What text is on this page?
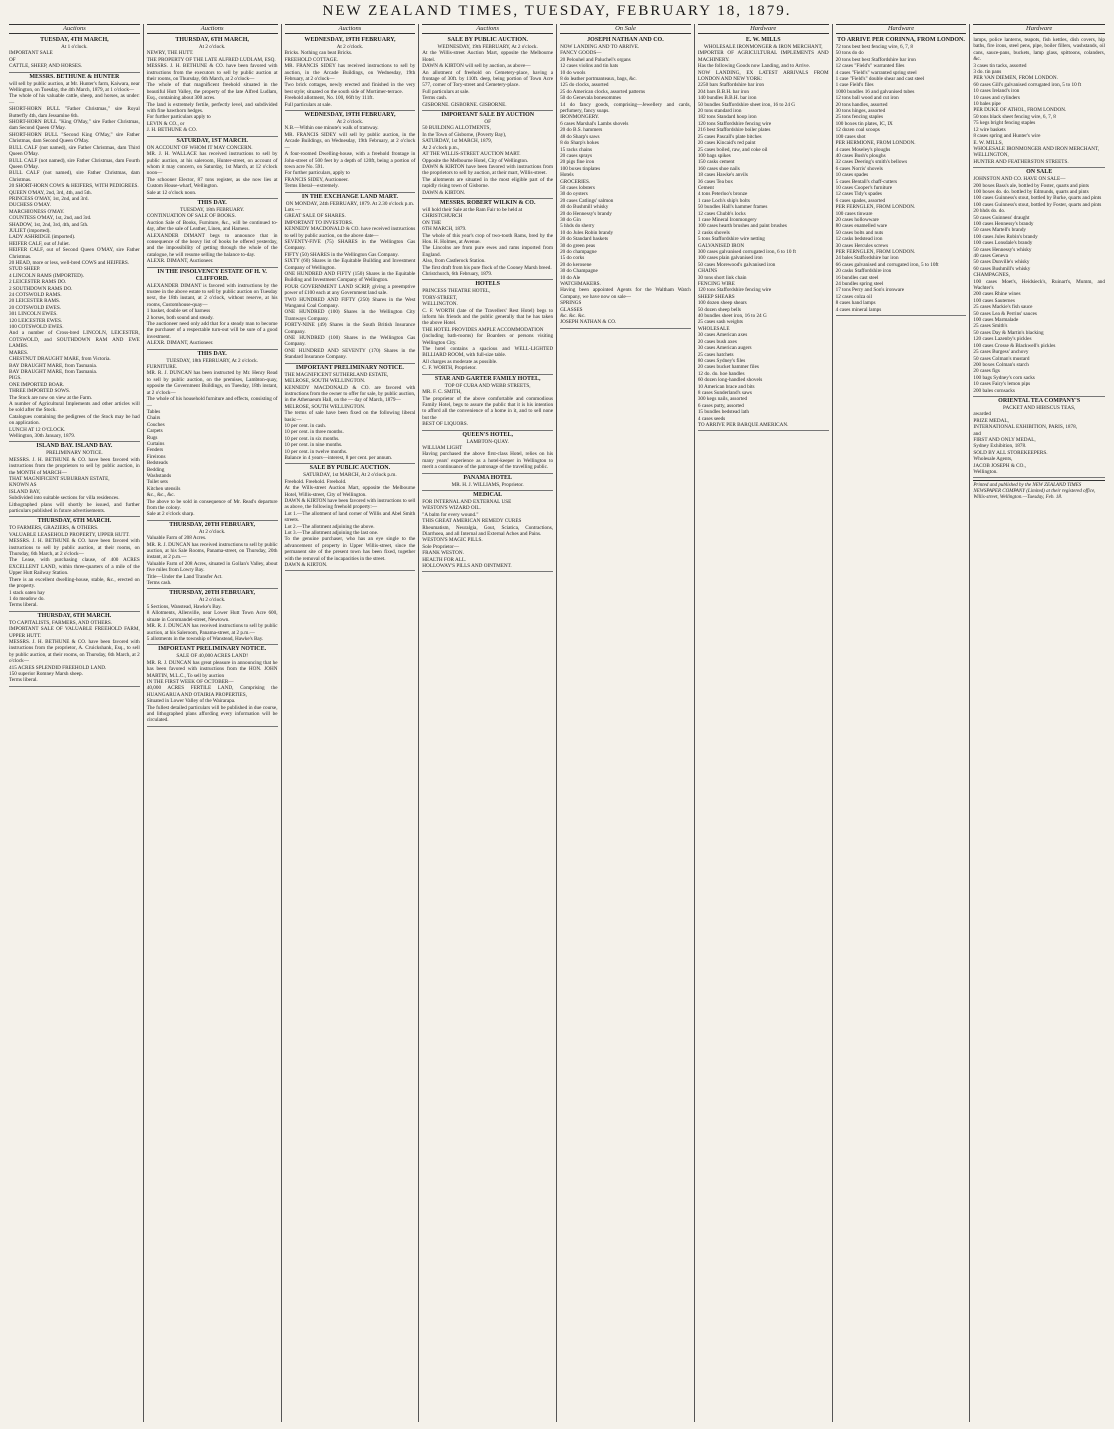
NEW ZEALAND TIMES, TUESDAY, FEBRUARY 18, 1879.
Auctions
TUESDAY, 4TH MARCH,
At 1 o'clock.
IMPORTANT SALE
OF
CATTLE, SHEEP, AND HORSES.
MESSRS. BETHUNE & HUNTER
will sell by public auction, at Mr. Hunter's farm, Kaiwara, near Wellington, on Tuesday, the 4th March, 1879, at 1 o'clock—
The whole of his valuable cattle, sheep, and horses, as under:—
SHORT-HORN BULL "Father Christmas," sire Royal Butterfly 4th, dam Jessamine 6th.
SHORT-HORN BULL "King O'May," sire Father Christmas, dam Second Queen O'May.
SHORT-HORN BULL "Second King O'May," sire Father Christmas, dam Second Queen O'May.
BULL CALF (not named), sire Father Christmas, dam Third Queen O'May.
BULL CALF (not named), sire Father Christmas, dam Fourth Queen O'May.
BULL CALF (not named), sire Father Christmas, dam Christmas.
20 SHORT-HORN COWS & HEIFERS, WITH PEDIGREES.
QUEEN O'MAY, 2nd, 3rd, 4th, and 5th.
PRINCESS O'MAY, 1st, 2nd, and 3rd.
DUCHESS O'MAY.
MARCHIONESS O'MAY.
COUNTESS O'MAY, 1st, 2nd, and 3rd.
SHADOW, 1st, 2nd, 3rd, 4th, and 5th.
JULIET (imported).
LADY ASHRIDGE (imported).
HEIFER CALF, out of Juliet.
HEIFER CALF, out of Second Queen O'MAY, sire Father Christmas.
20 HEAD, more or less, well-bred COWS and HEIFERS.
STUD SHEEP.
4 LINCOLN RAMS (IMPORTED).
2 LEICESTER RAMS DO.
2 SOUTHDOWN RAMS DO.
24 COTSWOLD RAMS.
20 LEICESTER RAMS.
20 COTSWOLD EWES.
301 LINCOLN EWES.
120 LEICESTER EWES.
100 COTSWOLD EWES.
And a number of Cross-bred LINCOLN, LEICESTER, COTSWOLD, and SOUTHDOWN RAM AND EWE LAMBS.
MARES.
CHESTNUT DRAUGHT MARE, from Victoria.
BAY DRAUGHT MARE, from Tasmania.
BAY DRAUGHT MARE, from Tasmania.
PIGS.
ONE IMPORTED BOAR.
THREE IMPORTED SOWS.
The Stock are now on view at the Farm.
A number of Agricultural Implements and other articles will be sold after the Stock.
Catalogues containing the pedigrees of the Stock may be had on application.
LUNCH AT 12 O'CLOCK.
Wellington, 30th January, 1879.
ISLAND BAY. ISLAND BAY.
PRELIMINARY NOTICE.
MESSRS. J. H. BETHUNE & CO. have been favored with instructions from the proprietors to sell by public auction, in the MONTH of MARCH—
THAT MAGNIFICENT SUBURBAN ESTATE,
KNOWN AS
ISLAND BAY,
Subdivided into suitable sections for villa residences.
Lithographed plans will shortly be issued, and further particulars published in future advertisements.
THURSDAY, 6TH MARCH.
TO FARMERS, GRAZIERS, & OTHERS.
VALUABLE LEASEHOLD PROPERTY, UPPER HUTT.
MESSRS. J. H. BETHUNE & CO. have been favored with instructions to sell by public auction, at their rooms, on Thursday, 6th March, at 2 o'clock—
The Lease, with purchasing clause, of 400 ACRES EXCELLENT LAND, within three-quarters of a mile of the Upper Hutt Railway Station.
There is an excellent dwelling-house, stable, &c., erected on the property.
1 stack oaten hay
1 do meadow do.
Terms liberal.
THURSDAY, 6TH MARCH.
TO CAPITALISTS, FARMERS, AND OTHERS.
IMPORTANT SALE OF VALUABLE FREEHOLD FARM, UPPER HUTT.
MESSRS. J. H. BETHUNE & CO. have been favored with instructions from the proprietor, A. Cruickshank, Esq., to sell by public auction, at their rooms, on Thursday, 6th March, at 2 o'clock—
415 ACRES SPLENDID FREEHOLD LAND.
150 superior Romney Marsh sheep.
Terms liberal.
Auctions
THURSDAY, 6TH MARCH,
At 2 o'clock.
NEWRY, THE HUTT.
THE PROPERTY OF THE LATE ALFRED LUDLAM, ESQ.
MESSRS. J. H. BETHUNE & CO. have been favored with instructions from the executors to sell by public auction at their rooms, on Thursday, 6th March, at 2 o'clock—
The whole of that magnificent freehold situated in the beautiful Hutt Valley, the property of the late Alfred Ludlam, Esq., containing about 300 acres.
The land is extremely fertile, perfectly level, and subdivided with fine hawthorn hedges.
For further particulars apply to
LEVIN & CO., or
J. H. BETHUNE & CO.
SATURDAY, 1ST MARCH.
ON ACCOUNT OF WHOM IT MAY CONCERN.
MR. J. H. WALLACE has received instructions to sell by public auction, at his saleroom, Hunter-street, on account of whom it may concern, on Saturday, 1st March, at 12 o'clock noon—
The schooner Elector, 87 tons register, as she now lies at Custom House-wharf, Wellington.
Sale at 12 o'clock noon.
THIS DAY.
TUESDAY, 18th FEBRUARY.
CONTINUATION OF SALE OF BOOKS.
Auction Sale of Books, Furniture, &c., will be continued to-day, after the sale of Leather, Linen, and Harness.
ALEXANDER DIMANT begs to announce that in consequence of the heavy list of books he offered yesterday, and the impossibility of getting through the whole of the catalogue, he will resume selling the balance to-day.
ALEXR. DIMANT, Auctioneer.
IN THE INSOLVENCY ESTATE OF H. V. CLIFFORD.
ALEXANDER DIMANT is favored with instructions by the trustee in the above estate to sell by public auction on Tuesday next, the 18th instant, at 2 o'clock, without reserve, at his rooms, Customhouse-quay—
1 basket, double set of harness
2 horses, both sound and steady.
The auctioneer need only add that for a steady man to become the purchaser of a respectable turn-out will be sure of a good investment.
ALEXR. DIMANT, Auctioneer.
THIS DAY.
TUESDAY, 18th FEBRUARY, At 2 o'clock.
FURNITURE.
MR. R. J. DUNCAN has been instructed by Mr. Henry Read to sell by public auction, on the premises, Lambton-quay, opposite the Government Buildings, on Tuesday, 18th instant, at 2 o'clock—
The whole of his household furniture and effects, consisting of—
Tables
Chairs
Couches
Carpets
Rugs
Curtains
Fenders
Fireirons
Bedsteads
Bedding
Washstands
Toilet sets
Kitchen utensils
&c., &c., &c.
The above to be sold in consequence of Mr. Read's departure from the colony.
Sale at 2 o'clock sharp.
THURSDAY, 20TH FEBRUARY,
At 2 o'clock.
Valuable Farm of 208 Acres.
MR. R. J. DUNCAN has received instructions to sell by public auction, at his Sale Rooms, Panama-street, on Thursday, 20th instant, at 2 p.m.—
Valuable Farm of 208 Acres, situated in Gollan's Valley, about five miles from Lowry Bay.
Title—Under the Land Transfer Act.
Terms cash.
THURSDAY, 20TH FEBRUARY,
At 2 o'clock.
5 Sections, Wanstead, Hawke's Bay.
8 Allotments, Allenville, near Lower Hutt Town Acre 600, situate in Coromandel-street, Newtown.
MR. R. J. DUNCAN has received instructions to sell by public auction, at his Saleroom, Panama-street, at 2 p.m.—
5 allotments in the township of Wanstead, Hawke's Bay.
IMPORTANT PRELIMINARY NOTICE.
SALE OF 40,000 ACRES LAND!
MR. R. J. DUNCAN has great pleasure in announcing that he has been favored with instructions from the HON. JOHN MARTIN, M.L.C., To sell by auction
IN THE FIRST WEEK OF OCTOBER—
40,000 ACRES FERTILE LAND, Comprising the HUANGARUA AND OTAIRIA PROPERTIES,
Situated in Lower Valley of the Wairarapa.
The fullest detailed particulars will be published in due course, and lithographed plans affording every information will be circulated.
Auctions
WEDNESDAY, 19TH FEBRUARY,
At 2 o'clock.
Bricks. Nothing can beat Bricks.
FREEHOLD COTTAGE.
MR. FRANCIS SIDEY has received instructions to sell by auction, in the Arcade Buildings, on Wednesday, 19th February, at 2 o'clock—
Two brick cottages, newly erected and finished in the very best style; situated on the south side of Mortimer-terrace.
Freehold allotment, No. 100, 66ft by 111ft.
Full particulars at sale.
WEDNESDAY, 19TH FEBRUARY,
At 2 o'clock.
N.B.—Within one minute's walk of tramway.
MR. FRANCIS SIDEY will sell by public auction, in the Arcade Buildings, on Wednesday, 19th February, at 2 o'clock—
A four-roomed Dwelling-house, with a freehold frontage in John-street of 500 feet by a depth of 120ft, being a portion of town acre No. 591.
For further particulars, apply to
FRANCIS SIDEY, Auctioneer.
Terms liberal—extremely.
IN THE EXCHANGE LAND MART.
ON MONDAY, 24th FEBRUARY, 1879. At 2.30 o'clock p.m.
Lots —
GREAT SALE OF SHARES.
IMPORTANT TO INVESTORS.
KENNEDY MACDONALD & CO. have received instructions to sell by public auction, on the above date—
SEVENTY-FIVE (75) SHARES in the Wellington Gas Company.
FIFTY (50) SHARES in the Wellington Gas Company.
SIXTY (60) Shares in the Equitable Building and Investment Company of Wellington.
ONE HUNDRED AND FIFTY (150) Shares in the Equitable Building and Investment Company of Wellington.
FOUR GOVERNMENT LAND SCRIP, giving a preemptive power of £100 each at any Government land sale.
TWO HUNDRED AND FIFTY (250) Shares in the West Wanganui Coal Company.
ONE HUNDRED (100) Shares in the Wellington City Tramways Company.
FORTY-NINE (49) Shares in the South British Insurance Company.
ONE HUNDRED (100) Shares in the Wellington Gas Company.
ONE HUNDRED AND SEVENTY (170) Shares in the Standard Insurance Company.
IMPORTANT PRELIMINARY NOTICE.
THE MAGNIFICENT SUTHERLAND ESTATE,
MELROSE, SOUTH WELLINGTON.
KENNEDY MACDONALD & CO. are favored with instructions from the owner to offer for sale, by public auction, in the Athenaeum Hall, on the — day of March, 1879—
MELROSE, SOUTH WELLINGTON.
The terms of sale have been fixed on the following liberal basis:—
10 per cent. in cash.
10 per cent. in three months.
10 per cent. in six months.
10 per cent. in nine months.
10 per cent. in twelve months.
Balance in 4 years—interest, 8 per cent. per annum.
SALE BY PUBLIC AUCTION.
SATURDAY, 1st MARCH, At 2 o'clock p.m.
Freehold. Freehold. Freehold.
At the Wills-street Auction Mart, opposite the Melbourne Hotel, Willis-street, City of Wellington.
DAWN & KIRTON have been favored with instructions to sell as above, the following freehold property:—
Lot 1.—The allotment of land corner of Willis and Abel Smith streets.
Lot 2.—The allotment adjoining the above.
Lot 3.—The allotment adjoining the last one.
To the genuine purchaser, who has an eye single to the advancement of property in Upper Willis-street, since the permanent site of the present town has been fixed, together with the removal of the incapacities in the street.
DAWN & KIRTON.
Auctions
SALE BY PUBLIC AUCTION.
WEDNESDAY, 19th FEBRUARY, At 2 o'clock.
At the Willis-street Auction Mart, opposite the Melbourne Hotel.
DAWN & KIRTON will sell by auction, as above—
An allotment of freehold on Cemetery-place, having a frontage of 30ft. by 110ft. deep, being portion of Town Acre 577, corner of Tory-street and Cemetery-place.
Full particulars at sale.
Terms cash.
GISBORNE. GISBORNE. GISBORNE.
IMPORTANT SALE BY AUCTION
OF
50 BUILDING ALLOTMENTS,
In the Town of Gisborne, (Poverty Bay),
SATURDAY, 1st MARCH, 1879,
At 2 o'clock p.m.,
AT THE WILLIS-STREET AUCTION MART.
Opposite the Melbourne Hotel, City of Wellington.
DAWN & KIRTON have been favored with instructions from the proprietors to sell by auction, at their mart, Willis-street.
The allotments are situated in the most eligible part of the rapidly rising town of Gisborne.
DAWN & KIRTON.
MESSRS. ROBERT WILKIN & CO.
will hold their Sale at the Ram Fair to be held at
CHRISTCHURCH
ON THE
6TH MARCH, 1879.
The whole of this year's crop of two-tooth Rams, bred by the Hon. H. Holmes, at Avenue.
The Lincolns are from pure ewes and rams imported from England.
Also, from Castlerock Station.
The first draft from his pure flock of the Cooney Marsh breed.
Christchurch, 6th February, 1879.
HOTELS
PRINCESS THEATRE HOTEL,
TORY-STREET,
WELLINGTON.
C. F. WORTH (late of the Travellers' Rest Hotel) begs to inform his friends and the public generally that he has taken the above Hotel.
THE HOTEL PROVIDES AMPLE ACCOMMODATION
(including bath-rooms) for Boarders or persons visiting Wellington City.
The hotel contains a spacious and WELL-LIGHTED BILLIARD ROOM, with full-size table.
All charges as moderate as possible.
C. F. WORTH, Proprietor.
STAR AND GARTER FAMILY HOTEL,
TOP OF CUBA AND WEBB STREETS,
MR. F. C. SMITH,
The proprietor of the above comfortable and commodious Family Hotel, begs to assure the public that it is his intention to afford all the convenience of a home in it, and to sell none but the
BEST OF LIQUORS.
QUEEN'S HOTEL,
LAMBTON-QUAY.
WILLIAM LIGHT
Having purchased the above first-class Hotel, relies on his many years' experience as a hotel-keeper in Wellington to merit a continuance of the patronage of the travelling public.
PANAMA HOTEL
MR. H. J. WILLIAMS, Proprietor.
MEDICAL
FOR INTERNAL AND EXTERNAL USE
WESTON'S WIZARD OIL.
"A balm for every wound."
THIS GREAT AMERICAN REMEDY CURES
Rheumatism, Neuralgia, Gout, Sciatica, Contractions, Diarrhoea, and all Internal and External Aches and Pains.
WESTON'S MAGIC PILLS.
Sole Proprietor—
FRANK WESTON.
HEALTH FOR ALL.
HOLLOWAY'S PILLS AND OINTMENT.
On Sale
JOSEPH NATHAN AND CO.
NOW LANDING AND TO ARRIVE.
FANCY GOODS—
20 Pelouhel and Paluchel's organs
12 cases violins and tin hats
10 do wools
8 do leather portmanteaux, bags, &c.
125 do clocks, assorted
25 do American clocks, assorted patterns
50 do Genevala bonesommes
14 do fancy goods, comprising—Jewellery and cards, perfumery, fancy soaps.
IRONMONGERY.
6 cases Marshal's Lambs shovels
20 do B.S. hammers
48 do Sharp's saws
8 do Sharp's hokes
15 racks chains
20 cases sprays
20 pigs fine iron
100 boxes tinplates
Hotels
GROCERIES.
50 cases lobsters
30 do oysters
20 cases Catlings' salmon
40 do Bushmill whisky
20 do Hennessy's brandy
30 do Gin
5 hhds do sherry
10 do Jules Robin brandy
20 do Standard baskets
30 do green peas
20 do champagne
15 do corks
20 do kerosene
30 do Champagne
10 do Ale
WATCHMAKERS.
Having been appointed Agents for the Waltham Watch Company, we have now on sale—
SPRINGS
GLASSES
&c. &c. &c.
JOSEPH NATHAN & CO.
Hardware
E. W. MILLS
WHOLESALE IRONMONGER & IRON MERCHANT,
IMPORTER OF AGRICULTURAL IMPLEMENTS AND MACHINERY.
Has the following Goods now Landing, and to Arrive.
NOW LANDING, EX LATEST ARRIVALS FROM LONDON AND NEW YORK:
2250 bars Staffordshire bar iron
204 bars B.B.H. bar iron
140 bundles B.B.H. bar iron
50 bundles Staffordshire sheet iron, 16 to 24 G
20 tons standard iron
182 tons Standard hoop iron
120 tons Staffordshire fencing wire
216 best Staffordshire boiler plates
25 cases Pascall's plate bitches
20 cases Kincaid's red paint
25 cases boiled, raw, and coke oil
100 bags spikes
150 casks cement
160 cases shoe nails
18 cases Hawke's anvils
36 cases Tea box
Cement
4 tons Peterloo's bronze
1 case Loch's ship's bolts
50 bundles Hall's hammer frames
12 cases Chubb's locks
1 case Mineral Ironmongery
100 cases hearth brushes and paint brushes
2 casks shovels
5 tons Staffordshire wire netting
GALVANISED IRON
300 cases galvanised corrugated iron, 6 to 10 ft
100 cases plain galvanised iron
50 cases Morewood's galvanised iron
CHAINS
30 tons short link chain
FENCING WIRE
120 tons Staffordshire fencing wire
SHEEP SHEARS
100 dozen sheep shears
50 dozen sheep bells
40 bundles sheet iron, 16 to 24 G
25 cases sash weights
WHOLESALE
30 cases American axes
20 cases bush axes
30 cases American augers
25 cases hatchets
80 cases Sydney's files
20 cases bucket hammer files
12 do. do. hoe handles
60 dozen long-handled shovels
10 American brace and bits
8 cases Sunderland's saws
300 kegs nails, assorted
6 cases putty, assorted
15 bundles bedstead lath
4 cases seeds
TO ARRIVE PER BARQUE AMERICAN.
Hardware
TO ARRIVE PER CORINNA, FROM LONDON.
72 tons best best fencing wire, 6, 7, 8
50 tons do do
20 tons best best Staffordshire bar iron
12 cases "Field's" warranted files
4 cases "Field's" warranted spring steel
1 case "Field's" double shear and cast steel
1 case Field's files
1000 bundles 16 and galvanised tubes
12 tons ball wood and cut iron
20 tons handles, assorted
30 tons hinges, assorted
25 tons fencing staples
100 boxes tin plates, IC, IX
12 dozen coal scoops
100 cases shot
PER HERMIONE, FROM LONDON.
4 cases Moseley's ploughs
40 cases Bush's ploughs
32 cases Deering's smith's bellows
6 cases Norris' shovels
10 cases spades
5 cases Bentall's chaff-cutters
10 cases Cooper's furniture
12 cases Tidy's spades
6 cases spades, assorted
PER FERNGLEN, FROM LONDON.
100 cases tinware
20 cases hollowware
80 cases enamelled ware
50 cases bolts and nuts
12 casks bedstead iron
30 cases Hercules screws
PER FERNGLEN, FROM LONDON.
24 bales Staffordshire bar iron
66 cases galvanised and corrugated iron, 5 to 10ft
20 casks Staffordshire iron
16 bundles cast steel
24 bundles spring steel
17 tons Perry and Son's ironware
12 cases colza oil
8 cases hand lamps
4 cases mineral lamps
Hardware
lamps, police lanterns, teapots, fish kettles, dish covers, hip baths, fire irons, steel pens, pipe, boiler fillers, washstands, oil cans, sauce-pans, buckets, lamp glass, spittoons, colanders, &c.
3 cases tin tacks, assorted
3 do. tin pans
PER VAN DIEMEN, FROM LONDON.
60 cases Gill's galvanised corrugated iron, 5 to 10 ft
10 cases Ireland's iron
10 cases and cylinders
10 bales pipe
PER DUKE OF ATHOL, FROM LONDON.
50 tons black sheet fencing wire, 6, 7, 8
75 kegs bright fencing staples
12 wire baskets
8 cases spring and Hunter's wire
E. W. MILLS,
WHOLESALE IRONMONGER AND IRON MERCHANT,
WELLINGTON,
HUNTER AND FEATHERSTON STREETS.
ON SALE
JOHNSTON AND CO. HAVE ON SALE—
200 boxes Bass's ale, bottled by Foster, quarts and pints
100 boxes do. do. bottled by Edmunds, quarts and pints
100 cases Guinness's stout, bottled by Burke, quarts and pints
100 cases Guinness's stout, bottled by Foster, quarts and pints
20 hhds do. do.
50 cases Guinness' draught
100 cases Hennessy's brandy
50 cases Martell's brandy
100 cases Jules Robin's brandy
100 cases Lonsdale's brandy
50 cases Hennessy's whisky
40 cases Geneva
50 cases Dunville's whisky
60 cases Bushmill's whisky
CHAMPAGNES,
100 cases Moet's, Heidsieck's, Ruinart's, Mumm, and Wachter's
200 cases Rhine wines
100 cases Sauternes
25 cases Mackie's fish sauce
50 cases Lea & Perrins' sauces
100 cases Marmalade
25 cases Smith's
50 cases Day & Martin's blacking
120 cases Lazenby's pickles
100 cases Crosse & Blackwell's pickles
25 cases Burgess' anchovy
50 cases Colman's mustard
200 boxes Colman's starch
20 cases figs
100 bags Sydney's corn sacks
10 cases Fairy's lemon pips
200 bales cornsacks
ORIENTAL TEA COMPANY'S
PACKET AND HIBISCUS TEAS,
awarded
PRIZE MEDAL,
INTERNATIONAL EXHIBITION, PARIS, 1878,
and
FIRST AND ONLY MEDAL,
Sydney Exhibition, 1878.
SOLD BY ALL STOREKEEPERS.
Wholesale Agents,
JACOB JOSEPH & CO.,
Wellington.
Printed and published by the NEW ZEALAND TIMES NEWSPAPER COMPANY (Limited) at their registered office, Willis-street, Wellington.—Tuesday, Feb. 18.
